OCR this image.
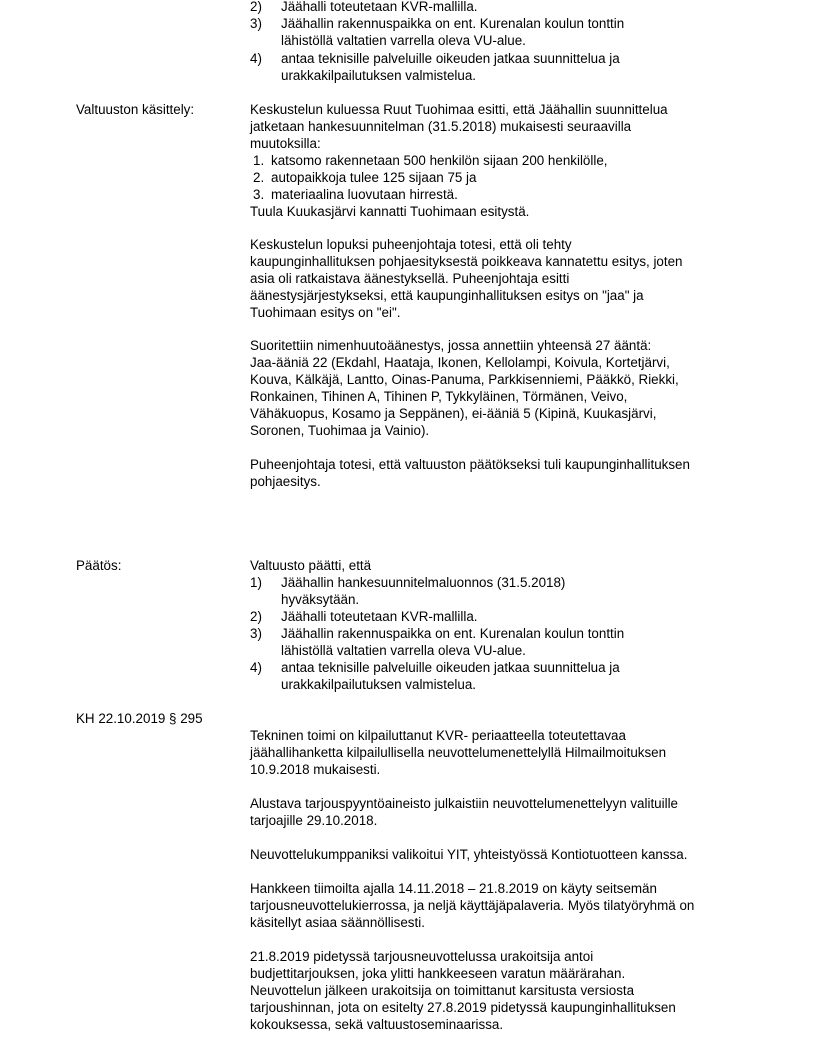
2) Jäähalli toteutetaan KVR-mallilla.
3) Jäähallin rakennuspaikka on ent. Kurenalan koulun tonttin
lähistöllä valtatien varrella oleva VU-alue.
4) antaa teknisille palveluille oikeuden jatkaa suunnittelua ja
urakkakilpailutuksen valmistelua.
Valtuuston käsittely:	Keskustelun kuluessa Ruut Tuohimaa esitti, että Jäähallin suunnittelua
jatketaan hankesuunnitelman (31.5.2018) mukaisesti seuraavilla
muutoksilla:
1. katsomo rakennetaan 500 henkilön sijaan 200 henkilölle,
2. autopaikkoja tulee 125 sijaan 75 ja
3. materiaalina luovutaan hirrestä.
Tuula Kuukasjärvi kannatti Tuohimaan esitystä.
Keskustelun lopuksi puheenjohtaja totesi, että oli tehty
kaupunginhallituksen pohjaesityksestä poikkeava kannatettu esitys, joten
asia oli ratkaistava äänestyksellä. Puheenjohtaja esitti
äänestysjärjestykseksi, että kaupunginhallituksen esitys on "jaa" ja
Tuohimaan esitys on "ei".
Suoritettiin nimenhuutoäänestys, jossa annettiin yhteensä 27 ääntä:
Jaa-ääniä 22 (Ekdahl, Haataja, Ikonen, Kellolampi, Koivula, Kortetjärvi,
Kouva, Kälkäjä, Lantto, Oinas-Panuma, Parkkisenniemi, Pääkkö, Riekki,
Ronkainen, Tihinen A, Tihinen P, Tykkyläinen, Törmänen, Veivo,
Vähäkuopus, Kosamo ja Seppänen), ei-ääniä 5 (Kipinä, Kuukasjärvi,
Soronen, Tuohimaa ja Vainio).
Puheenjohtaja totesi, että valtuuston päätökseksi tuli kaupunginhallituksen
pohjaesitys.
Päätös:	Valtuusto päätti, että
1) Jäähallin hankesuunnitelmaluonnos (31.5.2018)
hyväksytään.
2) Jäähalli toteutetaan KVR-mallilla.
3) Jäähallin rakennuspaikka on ent. Kurenalan koulun tonttin
lähistöllä valtatien varrella oleva VU-alue.
4) antaa teknisille palveluille oikeuden jatkaa suunnittelua ja
urakkakilpailutuksen valmistelua.
KH 22.10.2019 § 295
Tekninen toimi on kilpailuttanut KVR- periaatteella toteutettavaa
jäähallihanketta kilpailullisella neuvottelumenettelyllä Hilmailmoituksen
10.9.2018 mukaisesti.
Alustava tarjouspyyntöaineisto julkaistiin neuvottelumenettelyyn valituille
tarjoajille 29.10.2018.
Neuvottelukumppaniksi valikoitui YIT, yhteistyössä Kontiotuotteen kanssa.
Hankkeen tiimoilta ajalla 14.11.2018 – 21.8.2019 on käyty seitsemän
tarjousneuvottelukierrossa, ja neljä käyttäjäpalaveria. Myös tilatyöryhmä on
käsitellyt asiaa säännöllisesti.
21.8.2019 pidetyssä tarjousneuvottelussa urakoitsija antoi
budjettitarjouksen, joka ylitti hankkeeseen varatun määrärahan.
Neuvottelun jälkeen urakoitsija on toimittanut karsitusta versiosta
tarjoushinnan, jota on esitelty 27.8.2019 pidetyssä kaupunginhallituksen
kokouksessa, sekä valtuustoseminaarissa.
